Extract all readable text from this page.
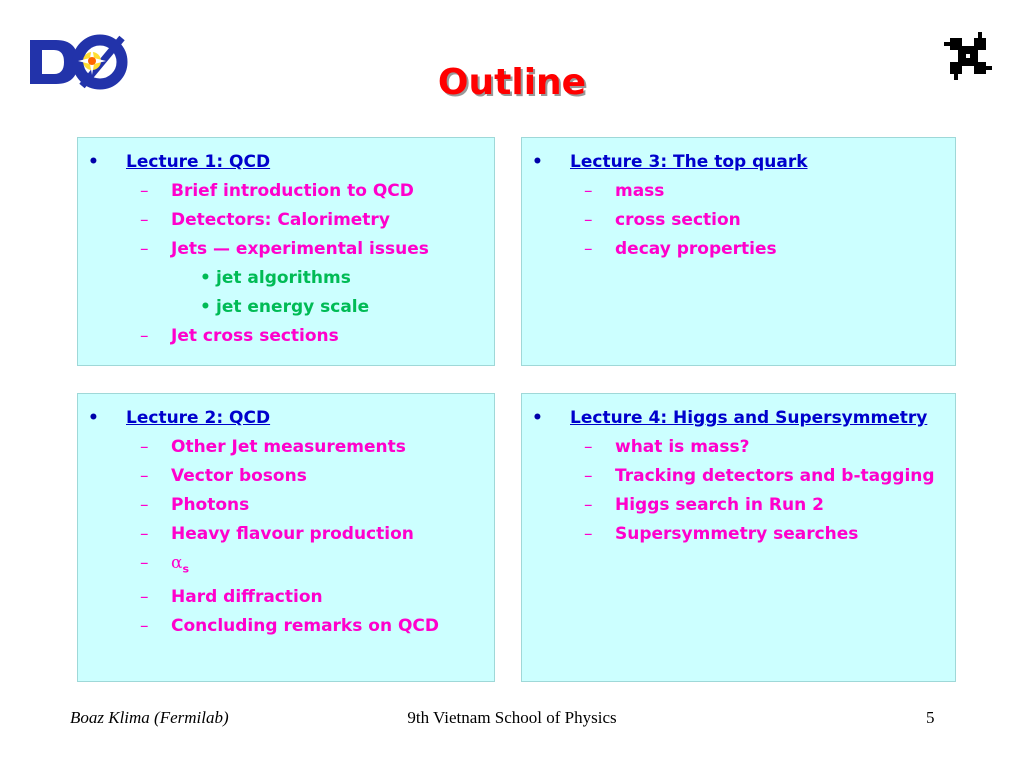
ð	Outline
• Lecture 1: QCD
– Brief introduction to QCD
– Detectors: Calorimetry
– Jets — experimental issues
• jet algorithms
• jet energy scale
– Jet cross sections
• Lecture 3: The top quark
– mass
– cross section
– decay properties
• Lecture 2: QCD
– Other Jet measurements
– Vector bosons
– Photons
– Heavy flavour production
– $\alpha_s$
– Hard diffraction
– Concluding remarks on QCD
• Lecture 4: Higgs and Supersymmetry
– what is mass?
– Tracking detectors and b-tagging
– Higgs search in Run 2
– Supersymmetry searches
Boaz Klima (Fermilab)	9th Vietnam School of Physics	5
